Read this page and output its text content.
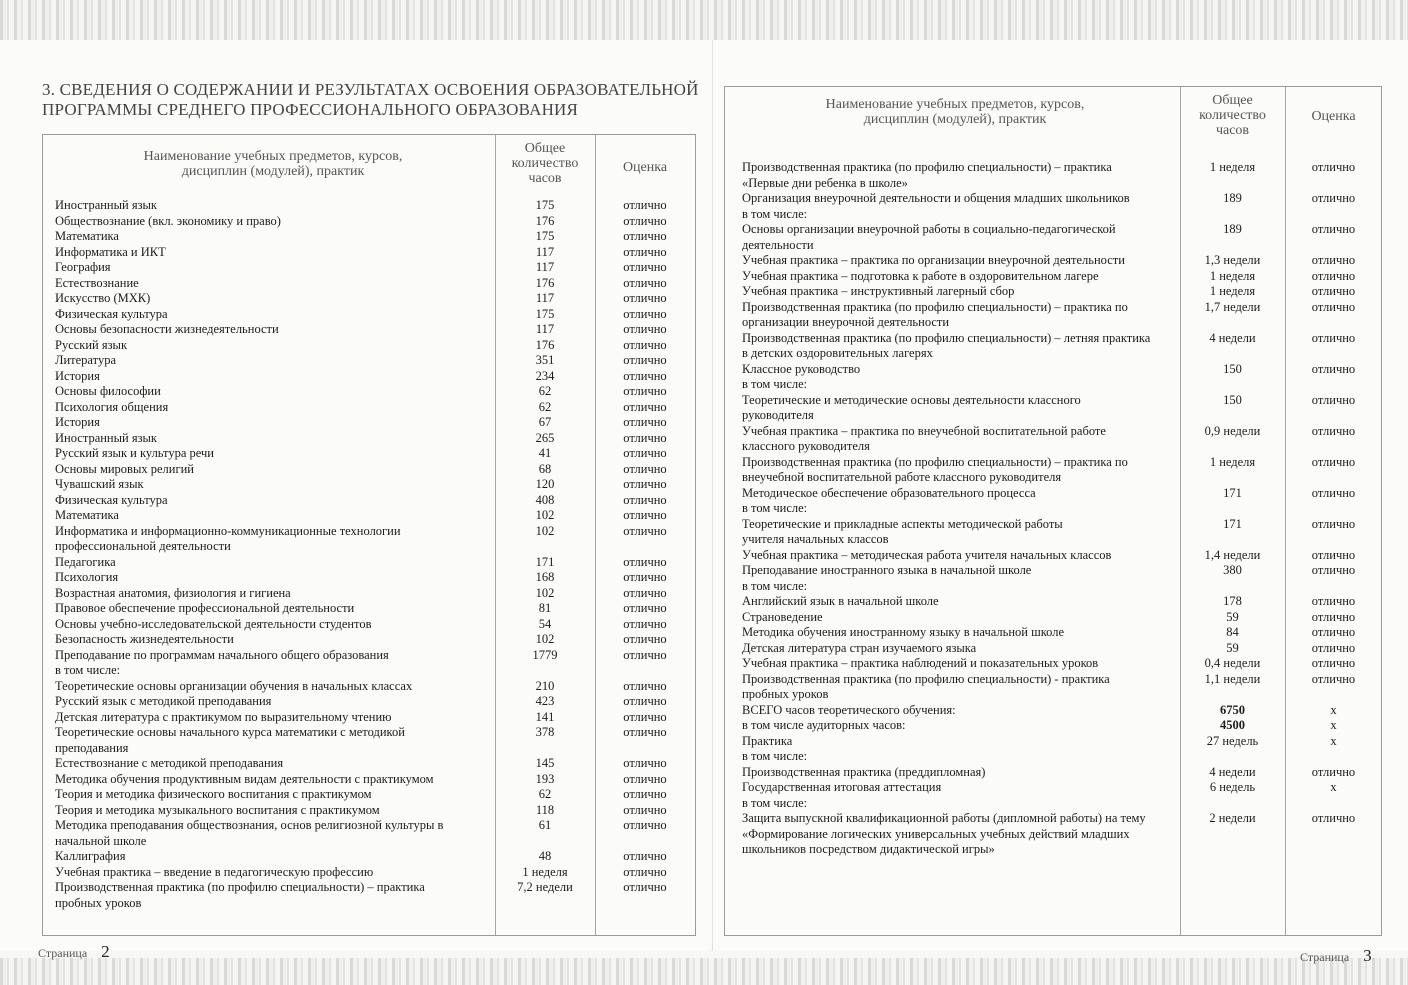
3. СВЕДЕНИЯ О СОДЕРЖАНИИ И РЕЗУЛЬТАТАХ ОСВОЕНИЯ ОБРАЗОВАТЕЛЬНОЙ ПРОГРАММЫ СРЕДНЕГО ПРОФЕССИОНАЛЬНОГО ОБРАЗОВАНИЯ
Наименование учебных предметов, курсов, дисциплин (модулей), практик
Общее количество часов
Оценка
Иностранный язык	175	отлично
Обществознание (вкл. экономику и право)	176	отлично
Математика	175	отлично
Информатика и ИКТ	117	отлично
География	117	отлично
Естествознание	176	отлично
Искусство (МХК)	117	отлично
Физическая культура	175	отлично
Основы безопасности жизнедеятельности	117	отлично
Русский язык	176	отлично
Литература	351	отлично
История	234	отлично
Основы философии	62	отлично
Психология общения	62	отлично
История	67	отлично
Иностранный язык	265	отлично
Русский язык и культура речи	41	отлично
Основы мировых религий	68	отлично
Чувашский язык	120	отлично
Физическая культура	408	отлично
Математика	102	отлично
Информатика и информационно-коммуникационные технологии	102	отлично
профессиональной деятельности
Педагогика	171	отлично
Психология	168	отлично
Возрастная анатомия, физиология и гигиена	102	отлично
Правовое обеспечение профессиональной деятельности	81	отлично
Основы учебно-исследовательской деятельности студентов	54	отлично
Безопасность жизнедеятельности	102	отлично
Преподавание по программам начального общего образования	1779	отлично
в том числе:
Теоретические основы организации обучения в начальных классах	210	отлично
Русский язык с методикой преподавания	423	отлично
Детская литература с практикумом по выразительному чтению	141	отлично
Теоретические основы начального курса математики с методикой	378	отлично
преподавания
Естествознание с методикой преподавания	145	отлично
Методика обучения продуктивным видам деятельности с практикумом	193	отлично
Теория и методика физического воспитания с практикумом	62	отлично
Теория и методика музыкального воспитания с практикумом	118	отлично
Методика преподавания обществознания, основ религиозной культуры в	61	отлично
начальной школе
Каллиграфия	48	отлично
Учебная практика – введение в педагогическую профессию	1 неделя	отлично
Производственная практика (по профилю специальности) – практика	7,2 недели	отлично
пробных уроков
Наименование учебных предметов, курсов, дисциплин (модулей), практик
Общее количество часов
Оценка
Производственная практика (по профилю специальности) – практика	1 неделя	отлично
«Первые дни ребенка в школе»
Организация внеурочной деятельности и общения младших школьников	189	отлично
в том числе:
Основы организации внеурочной работы в социально-педагогической	189	отлично
деятельности
Учебная практика – практика по организации внеурочной деятельности	1,3 недели	отлично
Учебная практика – подготовка к работе в оздоровительном лагере	1 неделя	отлично
Учебная практика – инструктивный лагерный сбор	1 неделя	отлично
Производственная практика (по профилю специальности) – практика по	1,7 недели	отлично
организации внеурочной деятельности
Производственная практика (по профилю специальности) – летняя практика	4 недели	отлично
в детских оздоровительных лагерях
Классное руководство	150	отлично
в том числе:
Теоретические и методические основы деятельности классного	150	отлично
руководителя
Учебная практика – практика по внеучебной воспитательной работе	0,9 недели	отлично
классного руководителя
Производственная практика (по профилю специальности) – практика по	1 неделя	отлично
внеучебной воспитательной работе классного руководителя
Методическое обеспечение образовательного процесса	171	отлично
в том числе:
Теоретические и прикладные аспекты методической работы	171	отлично
учителя начальных классов
Учебная практика – методическая работа учителя начальных классов	1,4 недели	отлично
Преподавание иностранного языка в начальной школе	380	отлично
в том числе:
Английский язык в начальной школе	178	отлично
Страноведение	59	отлично
Методика обучения иностранному языку в начальной школе	84	отлично
Детская литература стран изучаемого языка	59	отлично
Учебная практика – практика наблюдений и показательных уроков	0,4 недели	отлично
Производственная практика (по профилю специальности) - практика	1,1 недели	отлично
пробных уроков
ВСЕГО часов теоретического обучения:	6750	x
в том числе аудиторных часов:	4500	x
Практика	27 недель	x
в том числе:
Производственная практика (преддипломная)	4 недели	отлично
Государственная итоговая аттестация	6 недель	x
в том числе:
Защита выпускной квалификационной работы (дипломной работы) на тему	2 недели	отлично
«Формирование логических универсальных учебных действий младших
школьников посредством дидактической игры»
Страница 2	Страница 3
